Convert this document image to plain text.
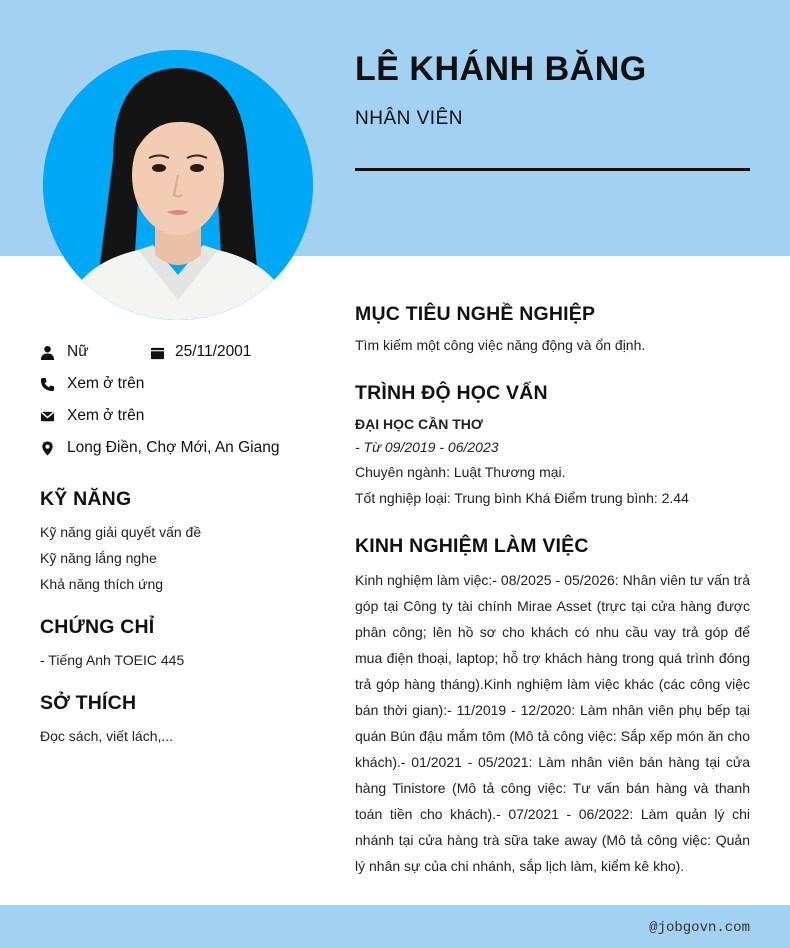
LÊ KHÁNH BĂNG
NHÂN VIÊN
Nữ	25/11/2001
Xem ở trên
Xem ở trên
Long Điền, Chợ Mới, An Giang
KỸ NĂNG
Kỹ năng giải quyết vấn đề
Kỹ năng lắng nghe
Khả năng thích ứng
CHỨNG CHỈ
- Tiếng Anh TOEIC 445
SỞ THÍCH
Đọc sách, viết lách,...
MỤC TIÊU NGHỀ NGHIỆP
Tìm kiếm một công việc năng động và ổn định.
TRÌNH ĐỘ HỌC VẤN
ĐẠI HỌC CẦN THƠ
- Từ 09/2019 - 06/2023
Chuyên ngành: Luật Thương mại.
Tốt nghiệp loại: Trung bình Khá Điểm trung bình: 2.44
KINH NGHIỆM LÀM VIỆC
Kinh nghiệm làm việc:- 08/2025 - 05/2026: Nhân viên tư vấn trả góp tại Công ty tài chính Mirae Asset (trực tại cửa hàng được phân công; lên hồ sơ cho khách có nhu cầu vay trả góp để mua điện thoại, laptop; hỗ trợ khách hàng trong quá trình đóng trả góp hàng tháng).Kinh nghiệm làm việc khác (các công việc bán thời gian):- 11/2019 - 12/2020: Làm nhân viên phụ bếp tại quán Bún đậu mắm tôm (Mô tả công việc: Sắp xếp món ăn cho khách).- 01/2021 - 05/2021: Làm nhân viên bán hàng tại cửa hàng Tinistore (Mô tả công việc: Tư vấn bán hàng và thanh toán tiền cho khách).- 07/2021 - 06/2022: Làm quản lý chi nhánh tại cửa hàng trà sữa take away (Mô tả công việc: Quản lý nhân sự của chi nhánh, sắp lịch làm, kiểm kê kho).
@jobgovn.com
